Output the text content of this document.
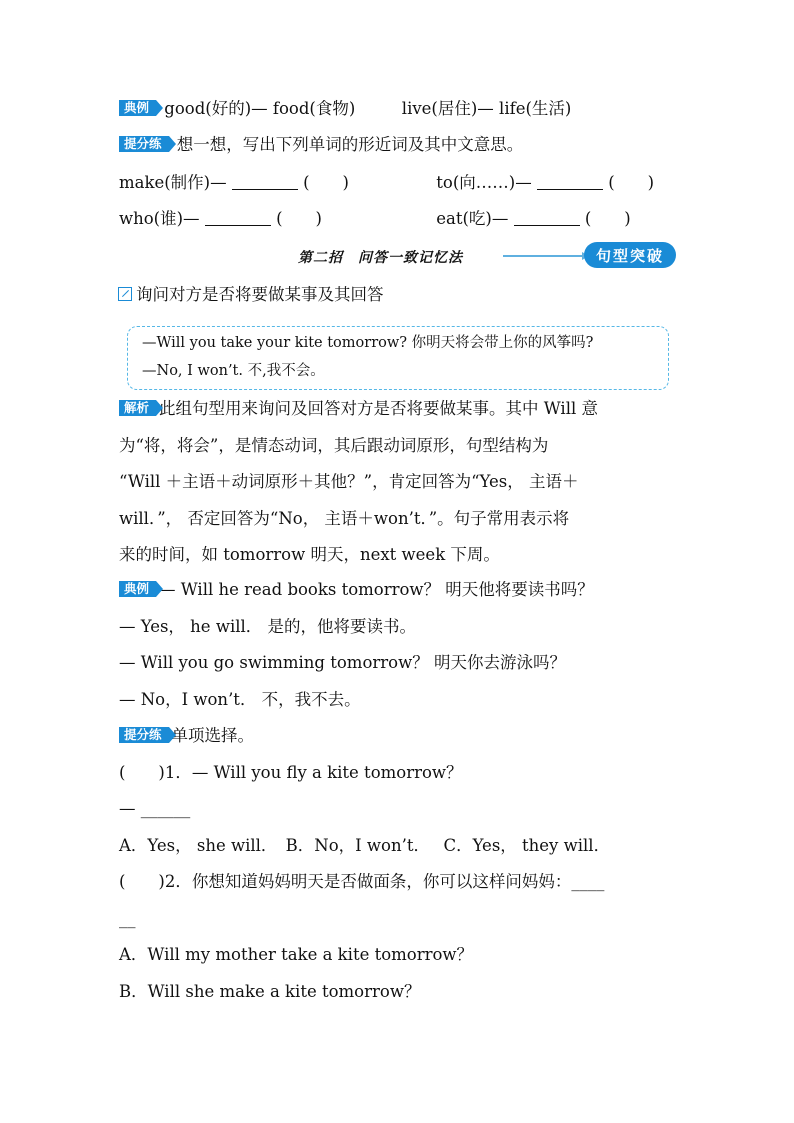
典例 good(好的)— food(食物)	live(居住)— life(生活)
提分练 想一想，写出下列单词的形近词及其中文意思。
make(制作)—	(　　)	to(向……)—	(　　)
who(谁)—	(　　)	eat(吃)—	(　　)
第二招　问答一致记忆法	句型突破
询问对方是否将要做某事及其回答
—Will you take your kite tomorrow? 你明天将会带上你的风筝吗?
—No, I won’t. 不,我不会。
解析 此组句型用来询问及回答对方是否将要做某事。其中 Will 意
为“将，将会”，是情态动词，其后跟动词原形，句型结构为
“Will ＋主语＋动词原形＋其他？”，肯定回答为“Yes， 主语＋
will．”， 否定回答为“No， 主语＋won’t．”。句子常用表示将
来的时间，如 tomorrow 明天，next week 下周。
典例 — Will he read books tomorrow？ 明天他将要读书吗？
— Yes， he will． 是的，他将要读书。
— Will you go swimming tomorrow？ 明天你去游泳吗？
— No，I won’t． 不，我不去。
提分练 单项选择。
(　　)1．— Will you fly a kite tomorrow？
— ______
A．Yes， she will．　B．No，I won’t．　 C．Yes， they will．
(　　)2．你想知道妈妈明天是否做面条，你可以这样问妈妈：____
__
A．Will my mother take a kite tomorrow？
B．Will she make a kite tomorrow？
